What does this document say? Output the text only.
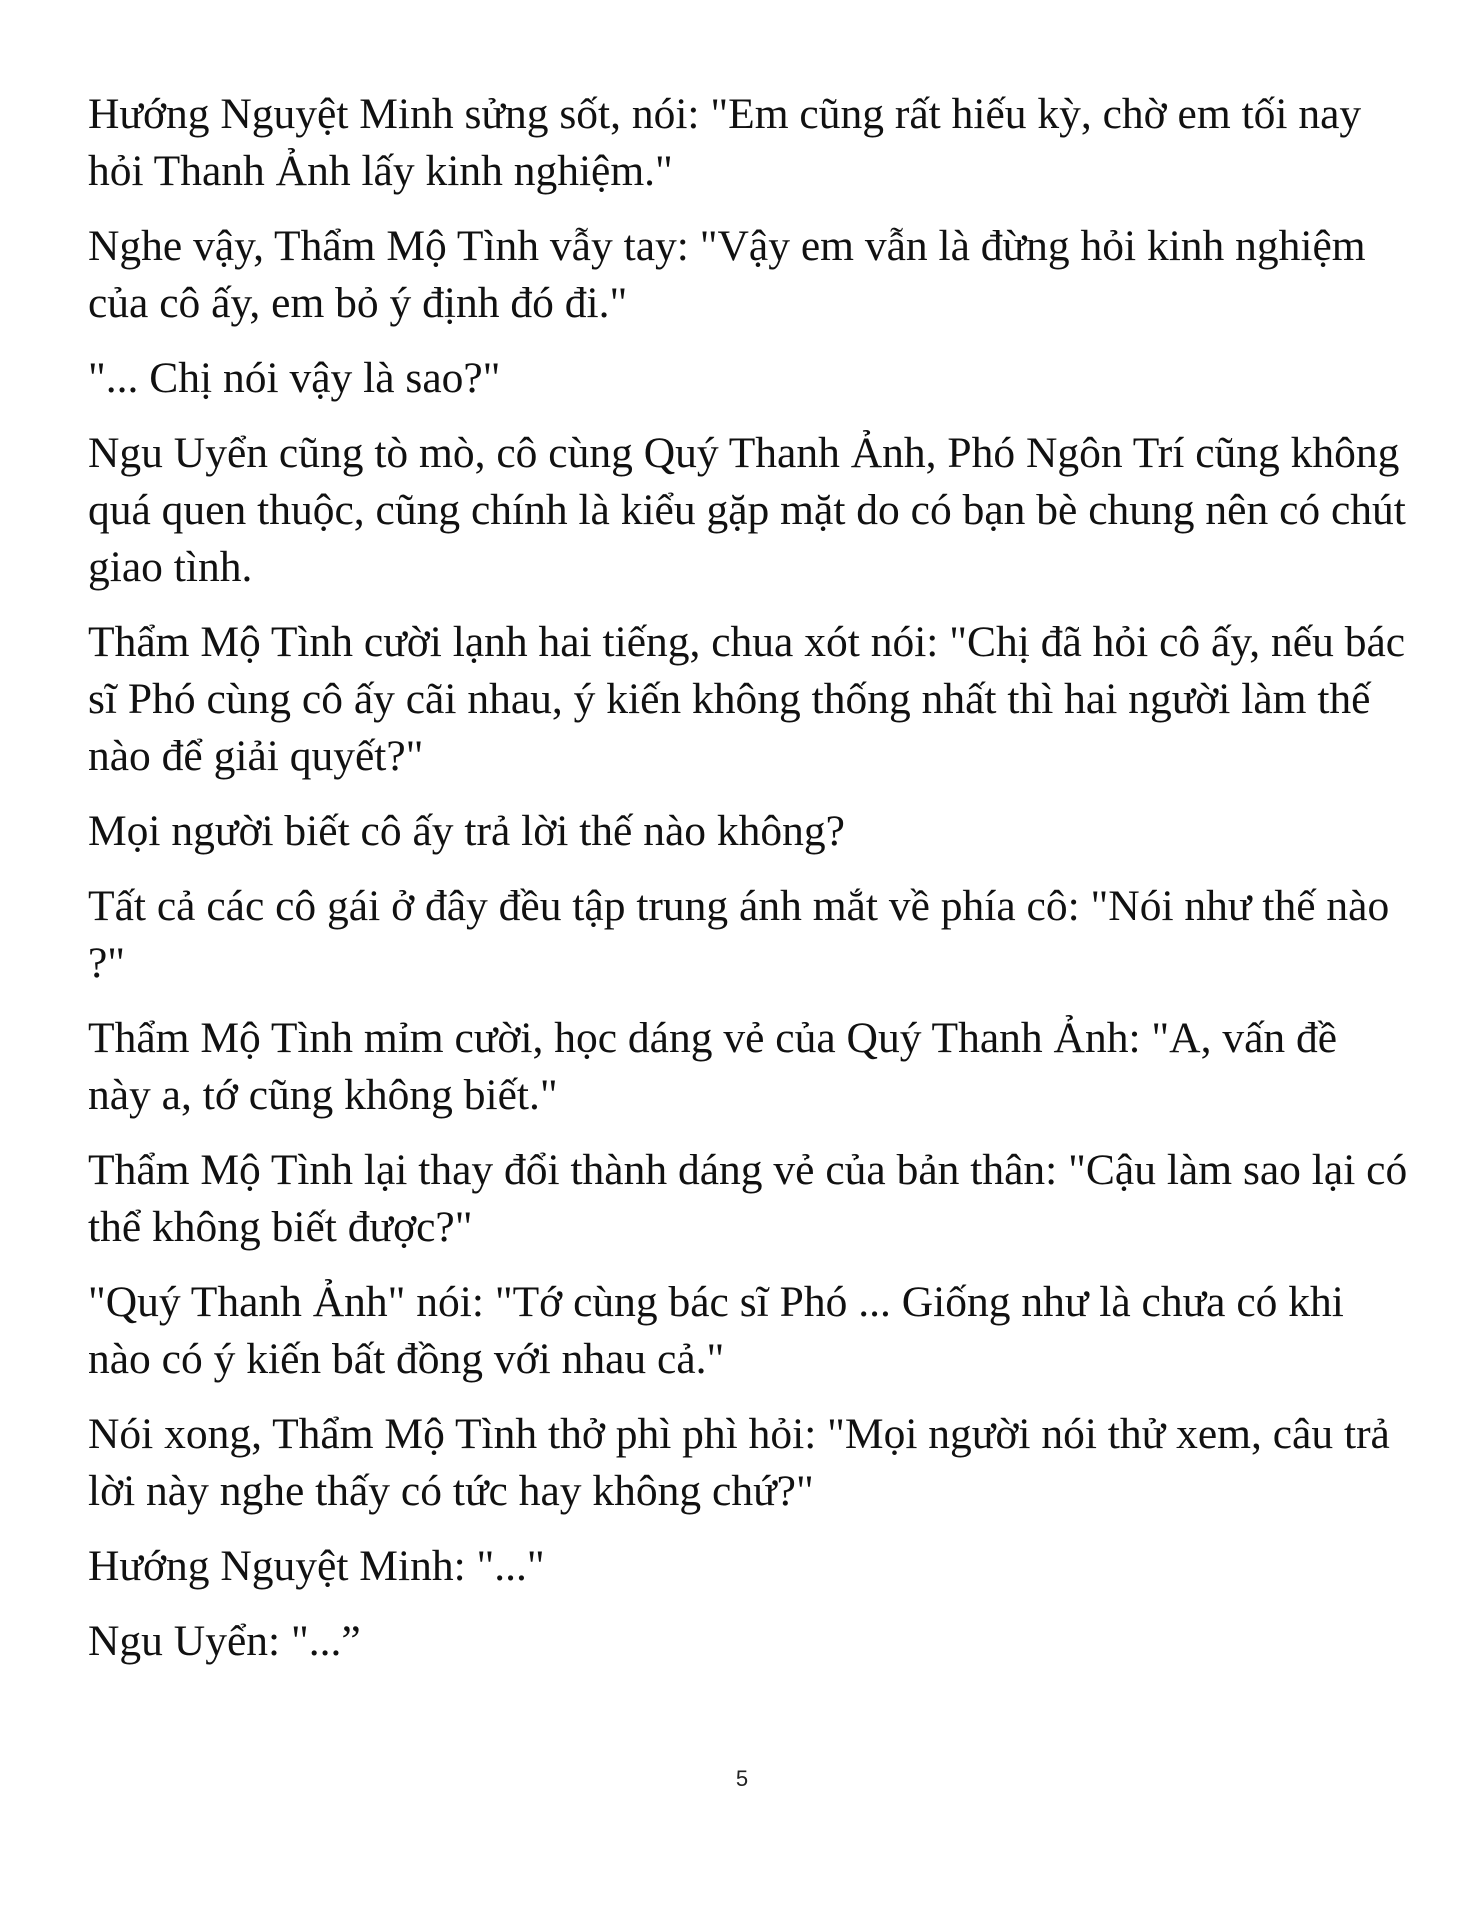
Hướng Nguyệt Minh sửng sốt, nói: "Em cũng rất hiếu kỳ, chờ em tối nay hỏi Thanh Ảnh lấy kinh nghiệm."

Nghe vậy, Thẩm Mộ Tình vẫy tay: "Vậy em vẫn là đừng hỏi kinh nghiệm của cô ấy, em bỏ ý định đó đi."

"... Chị nói vậy là sao?"

Ngu Uyển cũng tò mò, cô cùng Quý Thanh Ảnh, Phó Ngôn Trí cũng không quá quen thuộc, cũng chính là kiểu gặp mặt do có bạn bè chung nên có chút giao tình.

Thẩm Mộ Tình cười lạnh hai tiếng, chua xót nói: "Chị đã hỏi cô ấy, nếu bác sĩ Phó cùng cô ấy cãi nhau, ý kiến không thống nhất thì hai người làm thế nào để giải quyết?"

Mọi người biết cô ấy trả lời thế nào không?

Tất cả các cô gái ở đây đều tập trung ánh mắt về phía cô: "Nói như thế nào ?"

Thẩm Mộ Tình mỉm cười, học dáng vẻ của Quý Thanh Ảnh: "A, vấn đề này a, tớ cũng không biết."

Thẩm Mộ Tình lại thay đổi thành dáng vẻ của bản thân: "Cậu làm sao lại có thể không biết được?"

"Quý Thanh Ảnh" nói: "Tớ cùng bác sĩ Phó ... Giống như là chưa có khi nào có ý kiến bất đồng với nhau cả."

Nói xong, Thẩm Mộ Tình thở phì phì hỏi: "Mọi người nói thử xem, câu trả lời này nghe thấy có tức hay không chứ?"

Hướng Nguyệt Minh: "..."

Ngu Uyển: "...”

5
